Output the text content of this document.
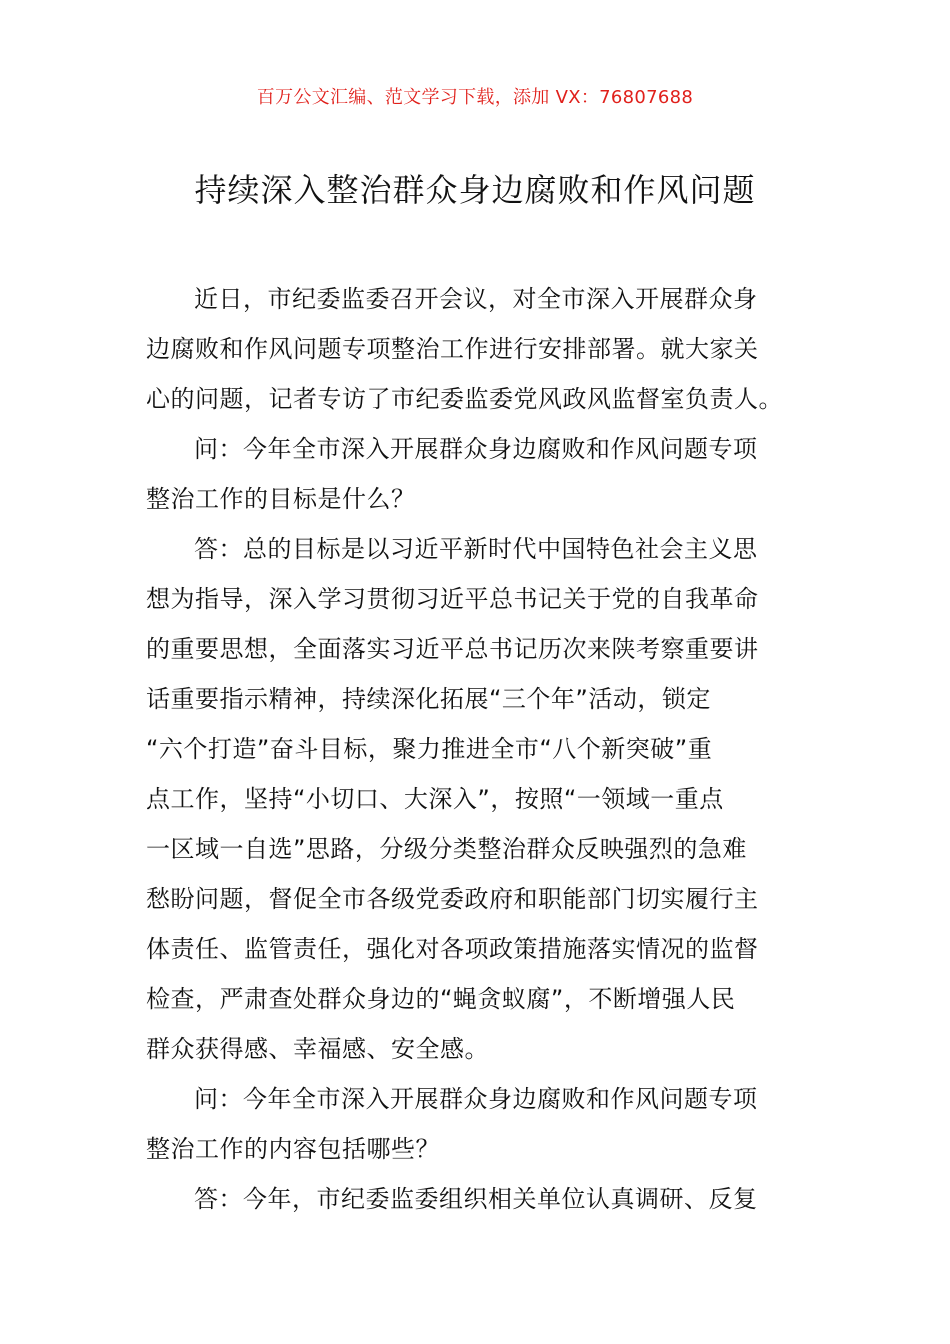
百万公文汇编、范文学习下载，添加 VX：76807688
持续深入整治群众身边腐败和作风问题

近日，市纪委监委召开会议，对全市深入开展群众身
边腐败和作风问题专项整治工作进行安排部署。就大家关
心的问题，记者专访了市纪委监委党风政风监督室负责人。

问：今年全市深入开展群众身边腐败和作风问题专项
整治工作的目标是什么？

答：总的目标是以习近平新时代中国特色社会主义思
想为指导，深入学习贯彻习近平总书记关于党的自我革命
的重要思想，全面落实习近平总书记历次来陕考察重要讲
话重要指示精神，持续深化拓展“三个年”活动，锁定
“六个打造”奋斗目标，聚力推进全市“八个新突破”重
点工作，坚持“小切口、大深入”，按照“一领域一重点
一区域一自选”思路，分级分类整治群众反映强烈的急难
愁盼问题，督促全市各级党委政府和职能部门切实履行主
体责任、监管责任，强化对各项政策措施落实情况的监督
检查，严肃查处群众身边的“蝇贪蚁腐”，不断增强人民
群众获得感、幸福感、安全感。

问：今年全市深入开展群众身边腐败和作风问题专项
整治工作的内容包括哪些？

答：今年，市纪委监委组织相关单位认真调研、反复
